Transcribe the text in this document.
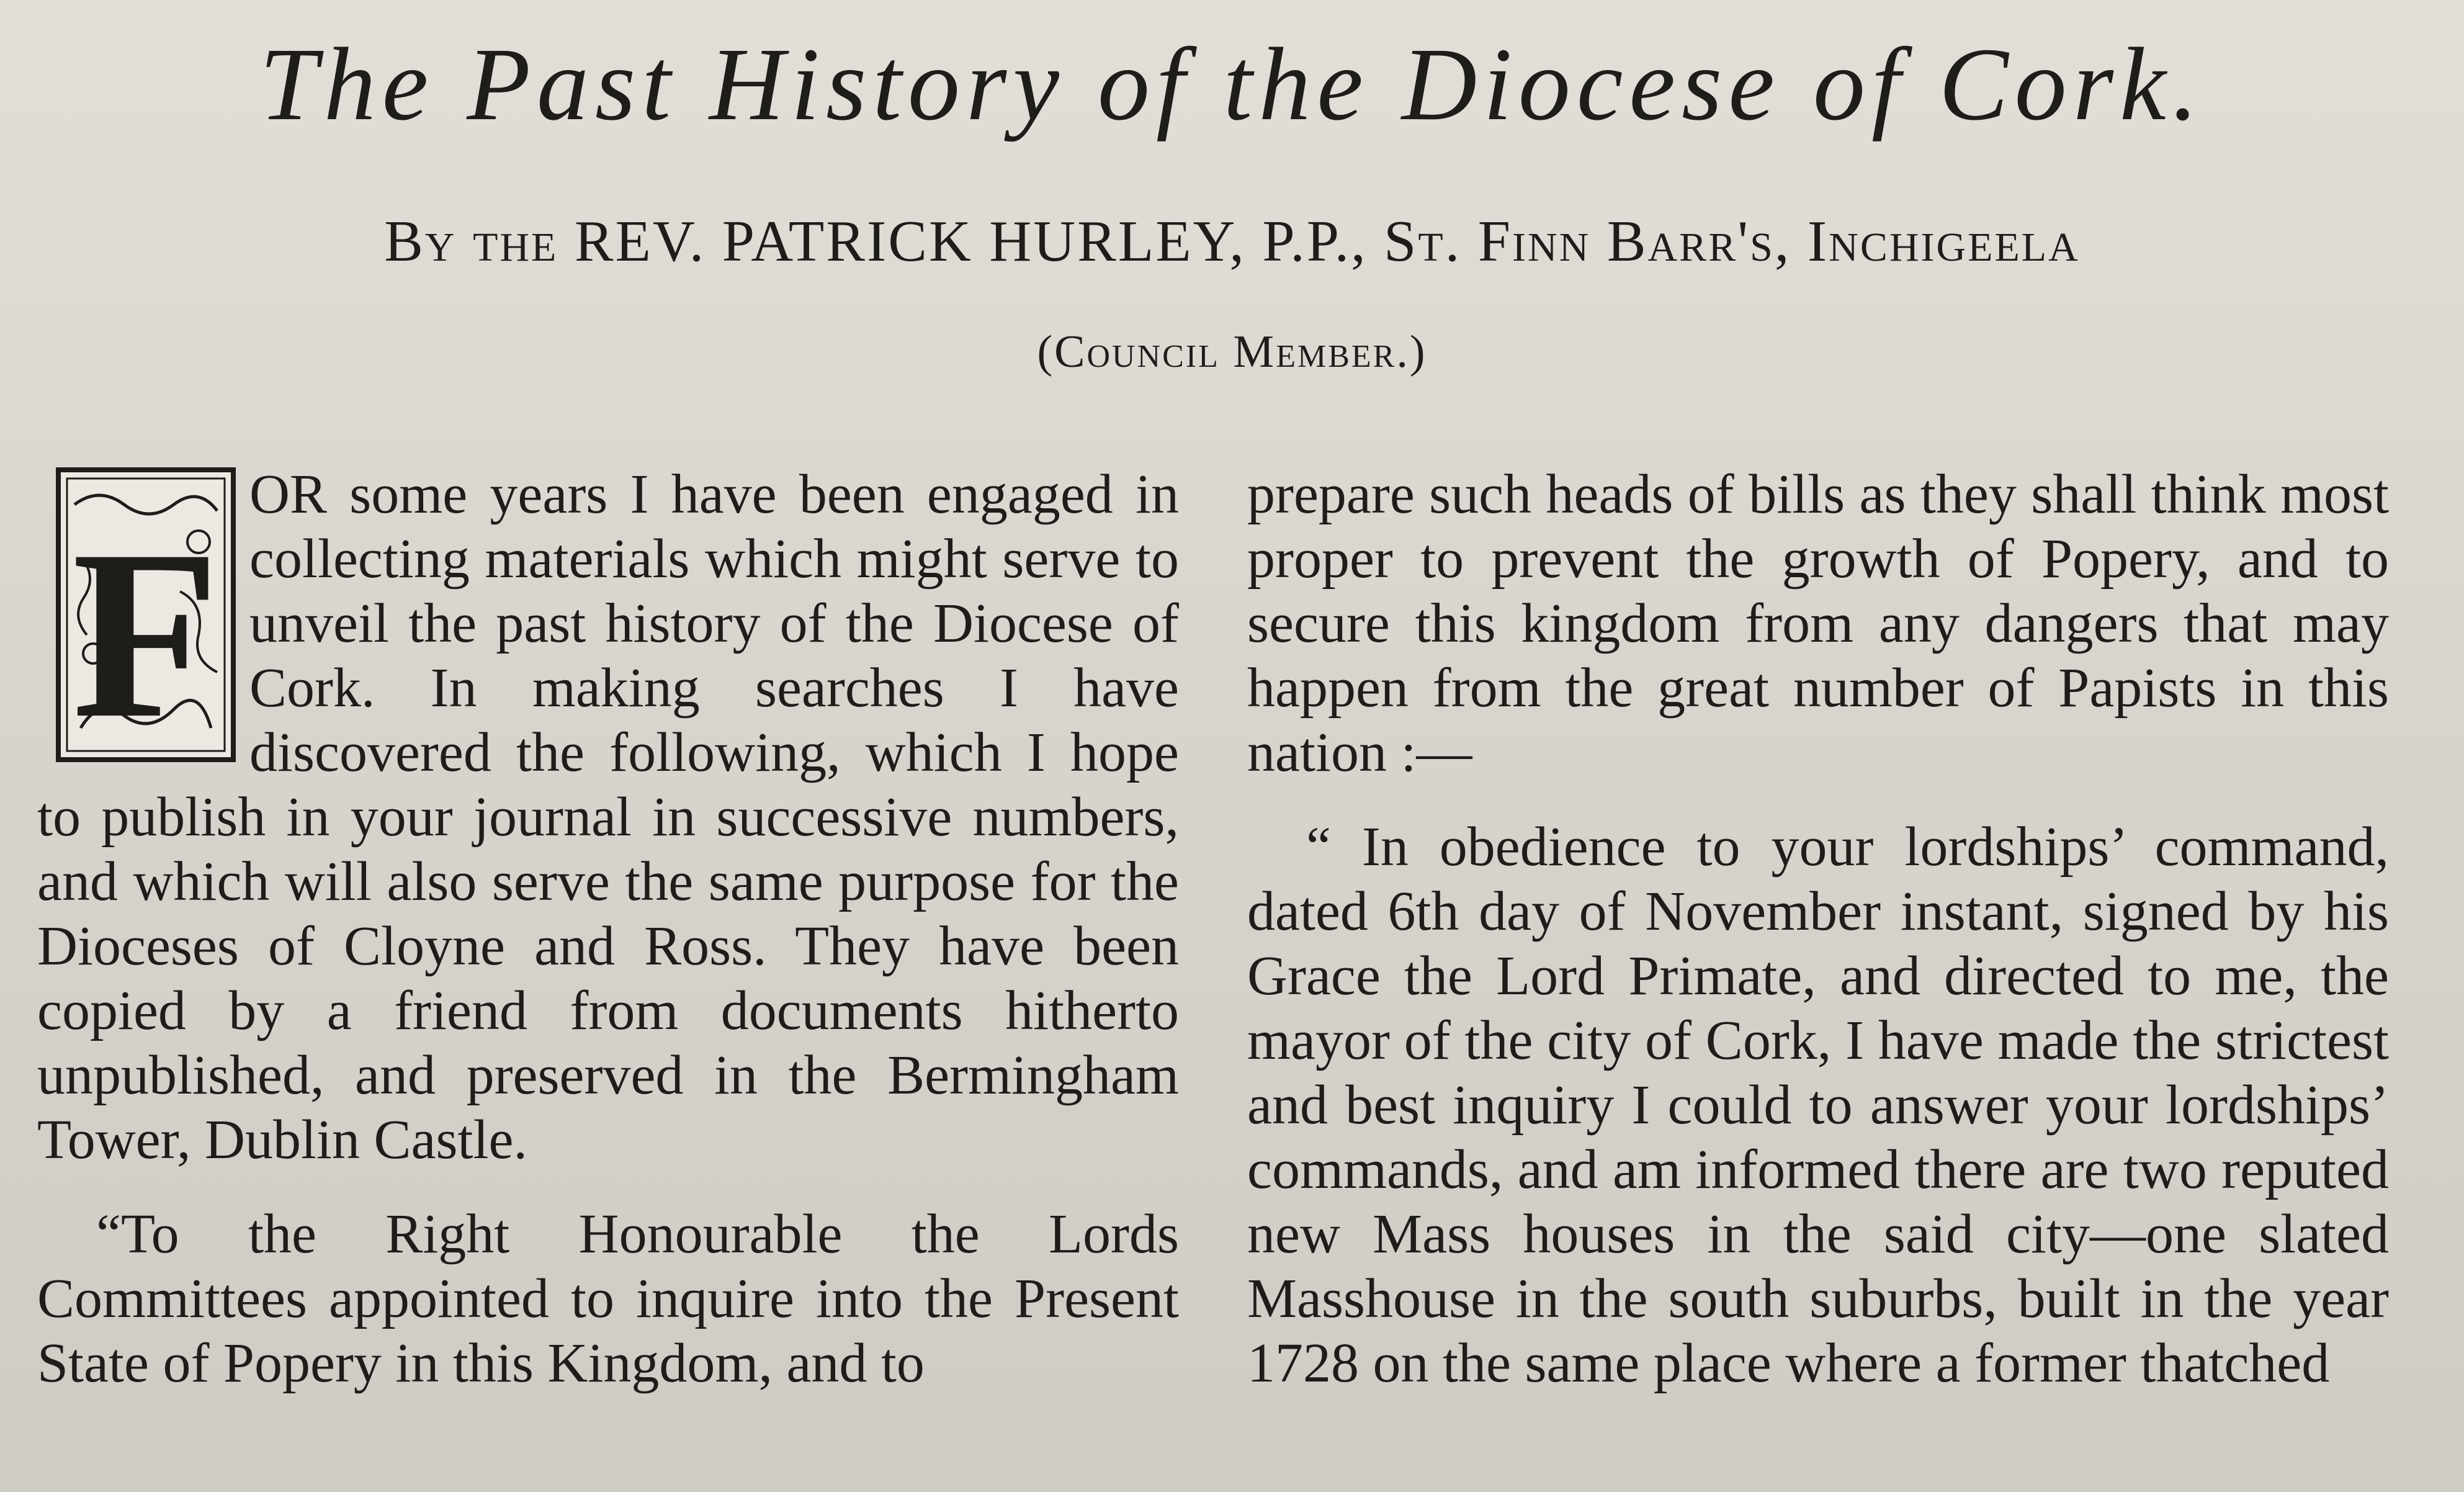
The Past History of the Diocese of Cork.
By the REV. PATRICK HURLEY, P.P., St. Finn Barr's, Inchigeela
(Council Member.)

F
OR some years I have been engaged in collecting materials which might serve to unveil the past history of the Diocese of Cork. In making searches I have discovered the following, which I hope to publish in your journal in successive numbers, and which will also serve the same purpose for the Dioceses of Cloyne and Ross. They have been copied by a friend from documents hitherto unpublished, and preserved in the Bermingham Tower, Dublin Castle.

“To the Right Honourable the Lords Committees appointed to inquire into the Present State of Popery in this Kingdom, and to

prepare such heads of bills as they shall think most proper to prevent the growth of Popery, and to secure this kingdom from any dangers that may happen from the great number of Papists in this nation :—

“ In obedience to your lordships’ command, dated 6th day of November instant, signed by his Grace the Lord Primate, and directed to me, the mayor of the city of Cork, I have made the strictest and best inquiry I could to answer your lordships’ commands, and am informed there are two reputed new Mass houses in the said city—one slated Masshouse in the south suburbs, built in the year 1728 on the same place where a former thatched
